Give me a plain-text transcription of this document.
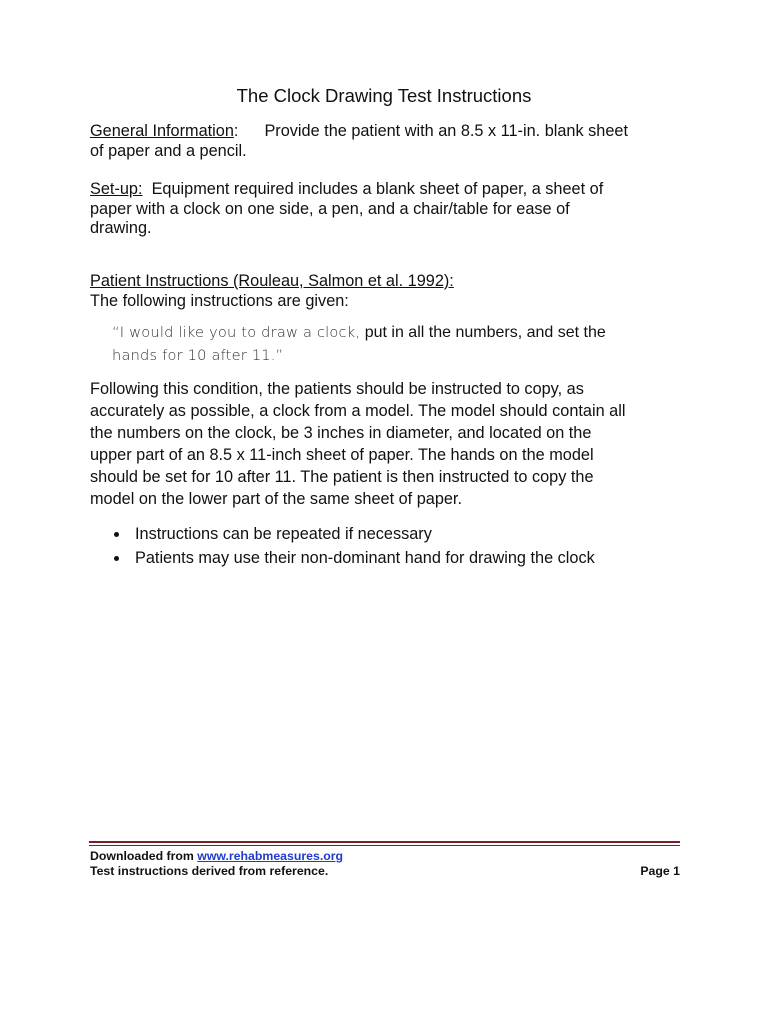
The Clock Drawing Test Instructions
General Information: Provide the patient with an 8.5 x 11-in. blank sheet
of paper and a pencil.
Set-up: Equipment required includes a blank sheet of paper, a sheet of
paper with a clock on one side, a pen, and a chair/table for ease of
drawing.
Patient Instructions (Rouleau, Salmon et al. 1992):
The following instructions are given:
“I would like you to draw a clock, put in all the numbers, and set the
hands for 10 after 11.”
Following this condition, the patients should be instructed to copy, as
accurately as possible, a clock from a model. The model should contain all
the numbers on the clock, be 3 inches in diameter, and located on the
upper part of an 8.5 x 11-inch sheet of paper. The hands on the model
should be set for 10 after 11. The patient is then instructed to copy the
model on the lower part of the same sheet of paper.
Instructions can be repeated if necessary
Patients may use their non-dominant hand for drawing the clock
Downloaded from www.rehabmeasures.org
Test instructions derived from reference.	Page 1
